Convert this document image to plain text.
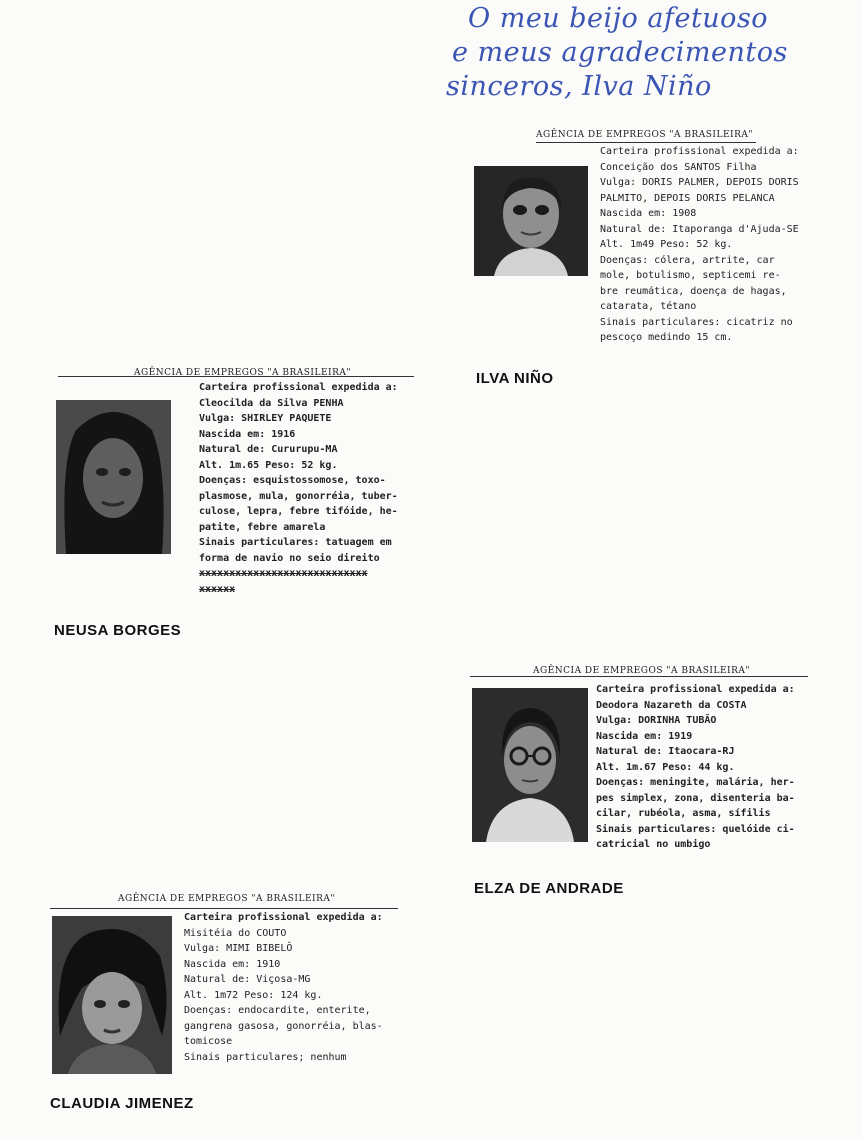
O meu beijo afetuoso
e meus agradecimentos
sinceros, Ilva Niño
AGÊNCIA DE EMPREGOS "A BRASILEIRA"
Carteira profissional expedida a:
Conceição dos SANTOS Filha
Vulga: DORIS PALMER, DEPOIS DORIS
PALMITO, DEPOIS DORIS PELANCA
Nascida em: 1908
Natural de: Itaporanga d'Ajuda-SE
Alt. 1m49 Peso: 52 kg.
Doenças: cólera, artrite, car
mole, botulismo, septicemi re-
bre reumática, doença de hagas,
catarata, tétano
Sinais particulares: cicatriz no
pescoço medindo 15 cm.
ILVA NIÑO
AGÊNCIA DE EMPREGOS "A BRASILEIRA"
Carteira profissional expedida a:
Cleocilda da Silva PENHA
Vulga: SHIRLEY PAQUETE
Nascida em: 1916
Natural de: Cururupu-MA
Alt. 1m.65 Peso: 52 kg.
Doenças: esquistossomose, toxo-
plasmose, mula, gonorréia, tuber-
culose, lepra, febre tifóide, he-
patite, febre amarela
Sinais particulares: tatuagem em
forma de navio no seio direito
xxxxxxxxxxxxxxxxxxxxxxxxxxxx
xxxxxx
NEUSA BORGES
AGÊNCIA DE EMPREGOS "A BRASILEIRA"
Carteira profissional expedida a:
Deodora Nazareth da COSTA
Vulga: DORINHA TUBÃO
Nascida em: 1919
Natural de: Itaocara-RJ
Alt. 1m.67 Peso: 44 kg.
Doenças: meningite, malária, her-
pes simplex, zona, disenteria ba-
cilar, rubéola, asma, sífilis
Sinais particulares: quelóide ci-
catricial no umbigo
ELZA DE ANDRADE
AGÊNCIA DE EMPREGOS "A BRASILEIRA"
Carteira profissional expedida a:
Misitéia do COUTO
Vulga: MIMI BIBELÔ
Nascida em: 1910
Natural de: Viçosa-MG
Alt. 1m72 Peso: 124 kg.
Doenças: endocardite, enterite,
gangrena gasosa, gonorréia, blas-
tomicose
Sinais particulares; nenhum
CLAUDIA JIMENEZ
